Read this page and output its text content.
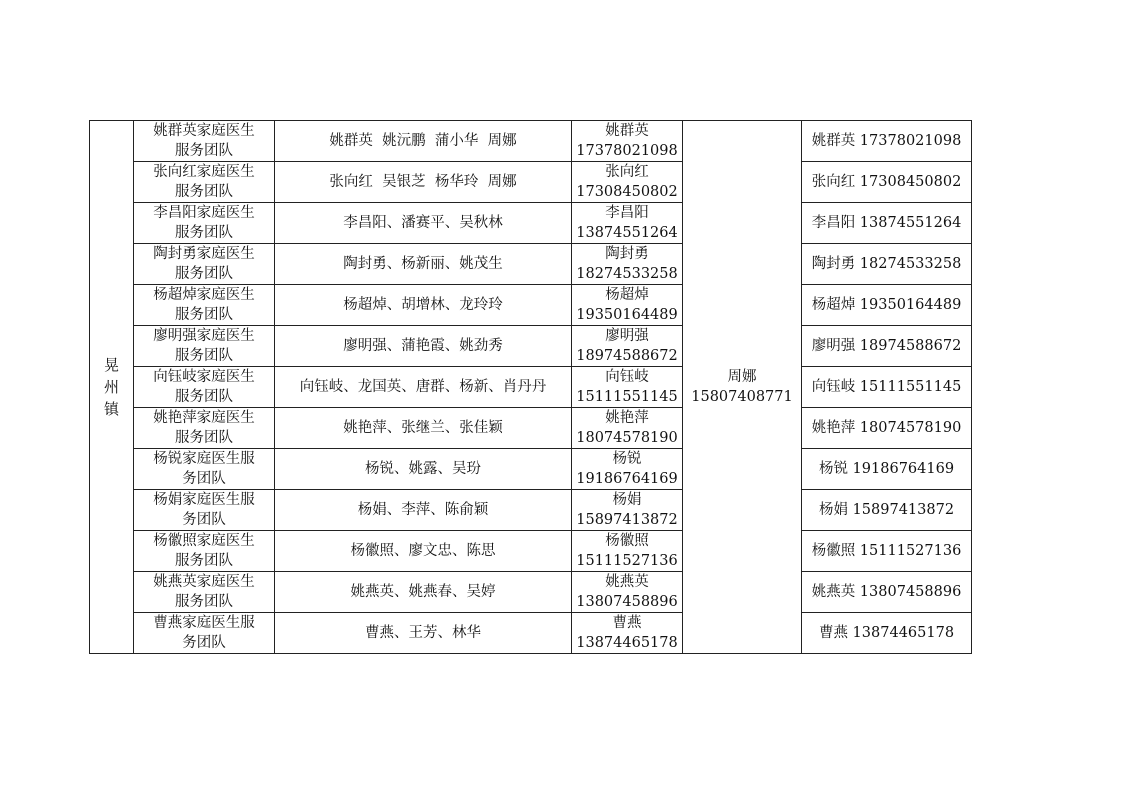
晃
州
镇	姚群英家庭医生
服务团队	姚群英  姚沅鹏  蒲小华  周娜	姚群英
17378021098	周娜
15807408771	姚群英 17378021098

	张向红家庭医生
服务团队	张向红  吴银芝  杨华玲  周娜	张向红
17308450802		张向红 17308450802

	李昌阳家庭医生
服务团队	李昌阳、潘赛平、吴秋林	李昌阳
13874551264		李昌阳 13874551264

	陶封勇家庭医生
服务团队	陶封勇、杨新丽、姚茂生	陶封勇
18274533258		陶封勇 18274533258

	杨超焯家庭医生
服务团队	杨超焯、胡增林、龙玲玲	杨超焯
19350164489		杨超焯 19350164489

	廖明强家庭医生
服务团队	廖明强、蒲艳霞、姚劲秀	廖明强
18974588672		廖明强 18974588672

	向钰岐家庭医生
服务团队	向钰岐、龙国英、唐群、杨新、肖丹丹	向钰岐
15111551145		向钰岐 15111551145

	姚艳萍家庭医生
服务团队	姚艳萍、张继兰、张佳颖	姚艳萍
18074578190		姚艳萍 18074578190

	杨锐家庭医生服
务团队	杨锐、姚露、吴玢	杨锐
19186764169		杨锐 19186764169

	杨娟家庭医生服
务团队	杨娟、李萍、陈俞颖	杨娟
15897413872		杨娟 15897413872

	杨徽照家庭医生
服务团队	杨徽照、廖文忠、陈思	杨徽照
15111527136		杨徽照 15111527136

	姚燕英家庭医生
服务团队	姚燕英、姚燕春、吴婷	姚燕英
13807458896		姚燕英 13807458896

	曹燕家庭医生服
务团队	曹燕、王芳、林华	曹燕
13874465178		曹燕 13874465178
